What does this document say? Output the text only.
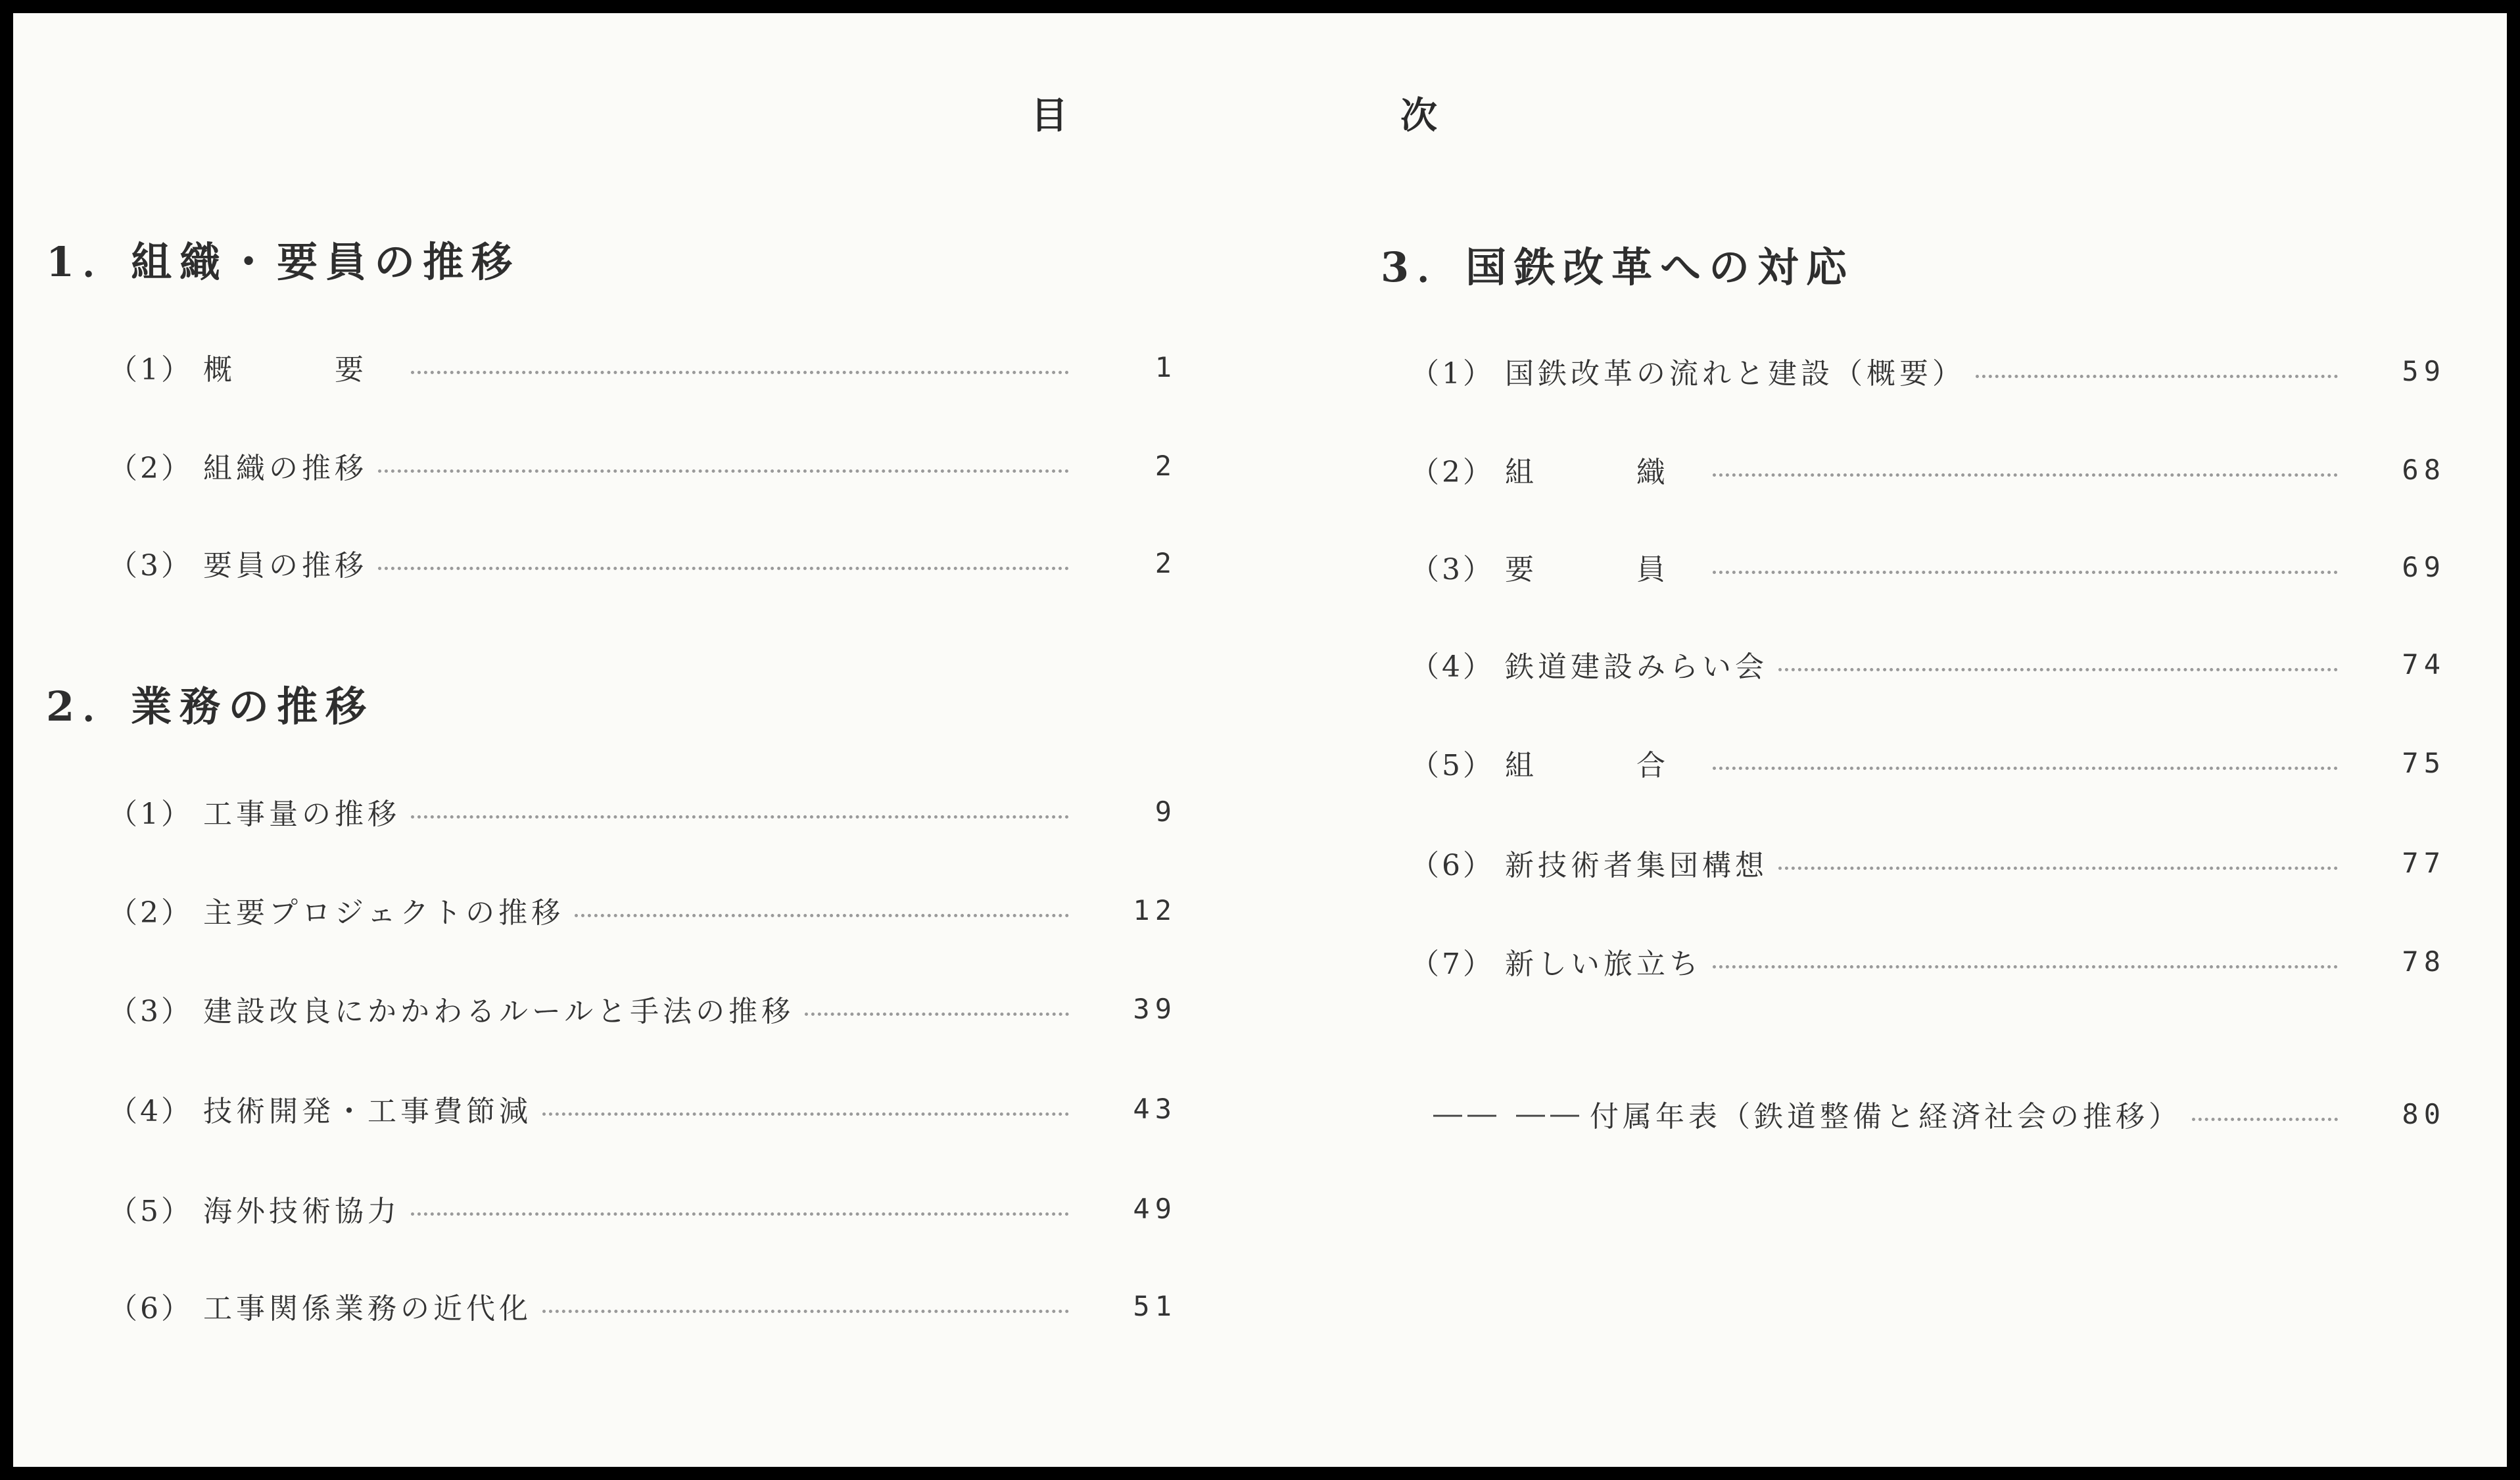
目	次
1．組織・要員の推移
（1） 概　要	1
（2） 組織の推移	2
（3） 要員の推移	2
2．業務の推移
（1） 工事量の推移	9
（2） 主要プロジェクトの推移	12
（3） 建設改良にかかわるルールと手法の推移	39
（4） 技術開発・工事費節減	43
（5） 海外技術協力	49
（6） 工事関係業務の近代化	51
3．国鉄改革への対応
（1） 国鉄改革の流れと建設（概要）	59
（2） 組　織	68
（3） 要　員	69
（4） 鉄道建設みらい会	74
（5） 組　合	75
（6） 新技術者集団構想	77
（7） 新しい旅立ち	78
―― ―― 付属年表（鉄道整備と経済社会の推移）	80
